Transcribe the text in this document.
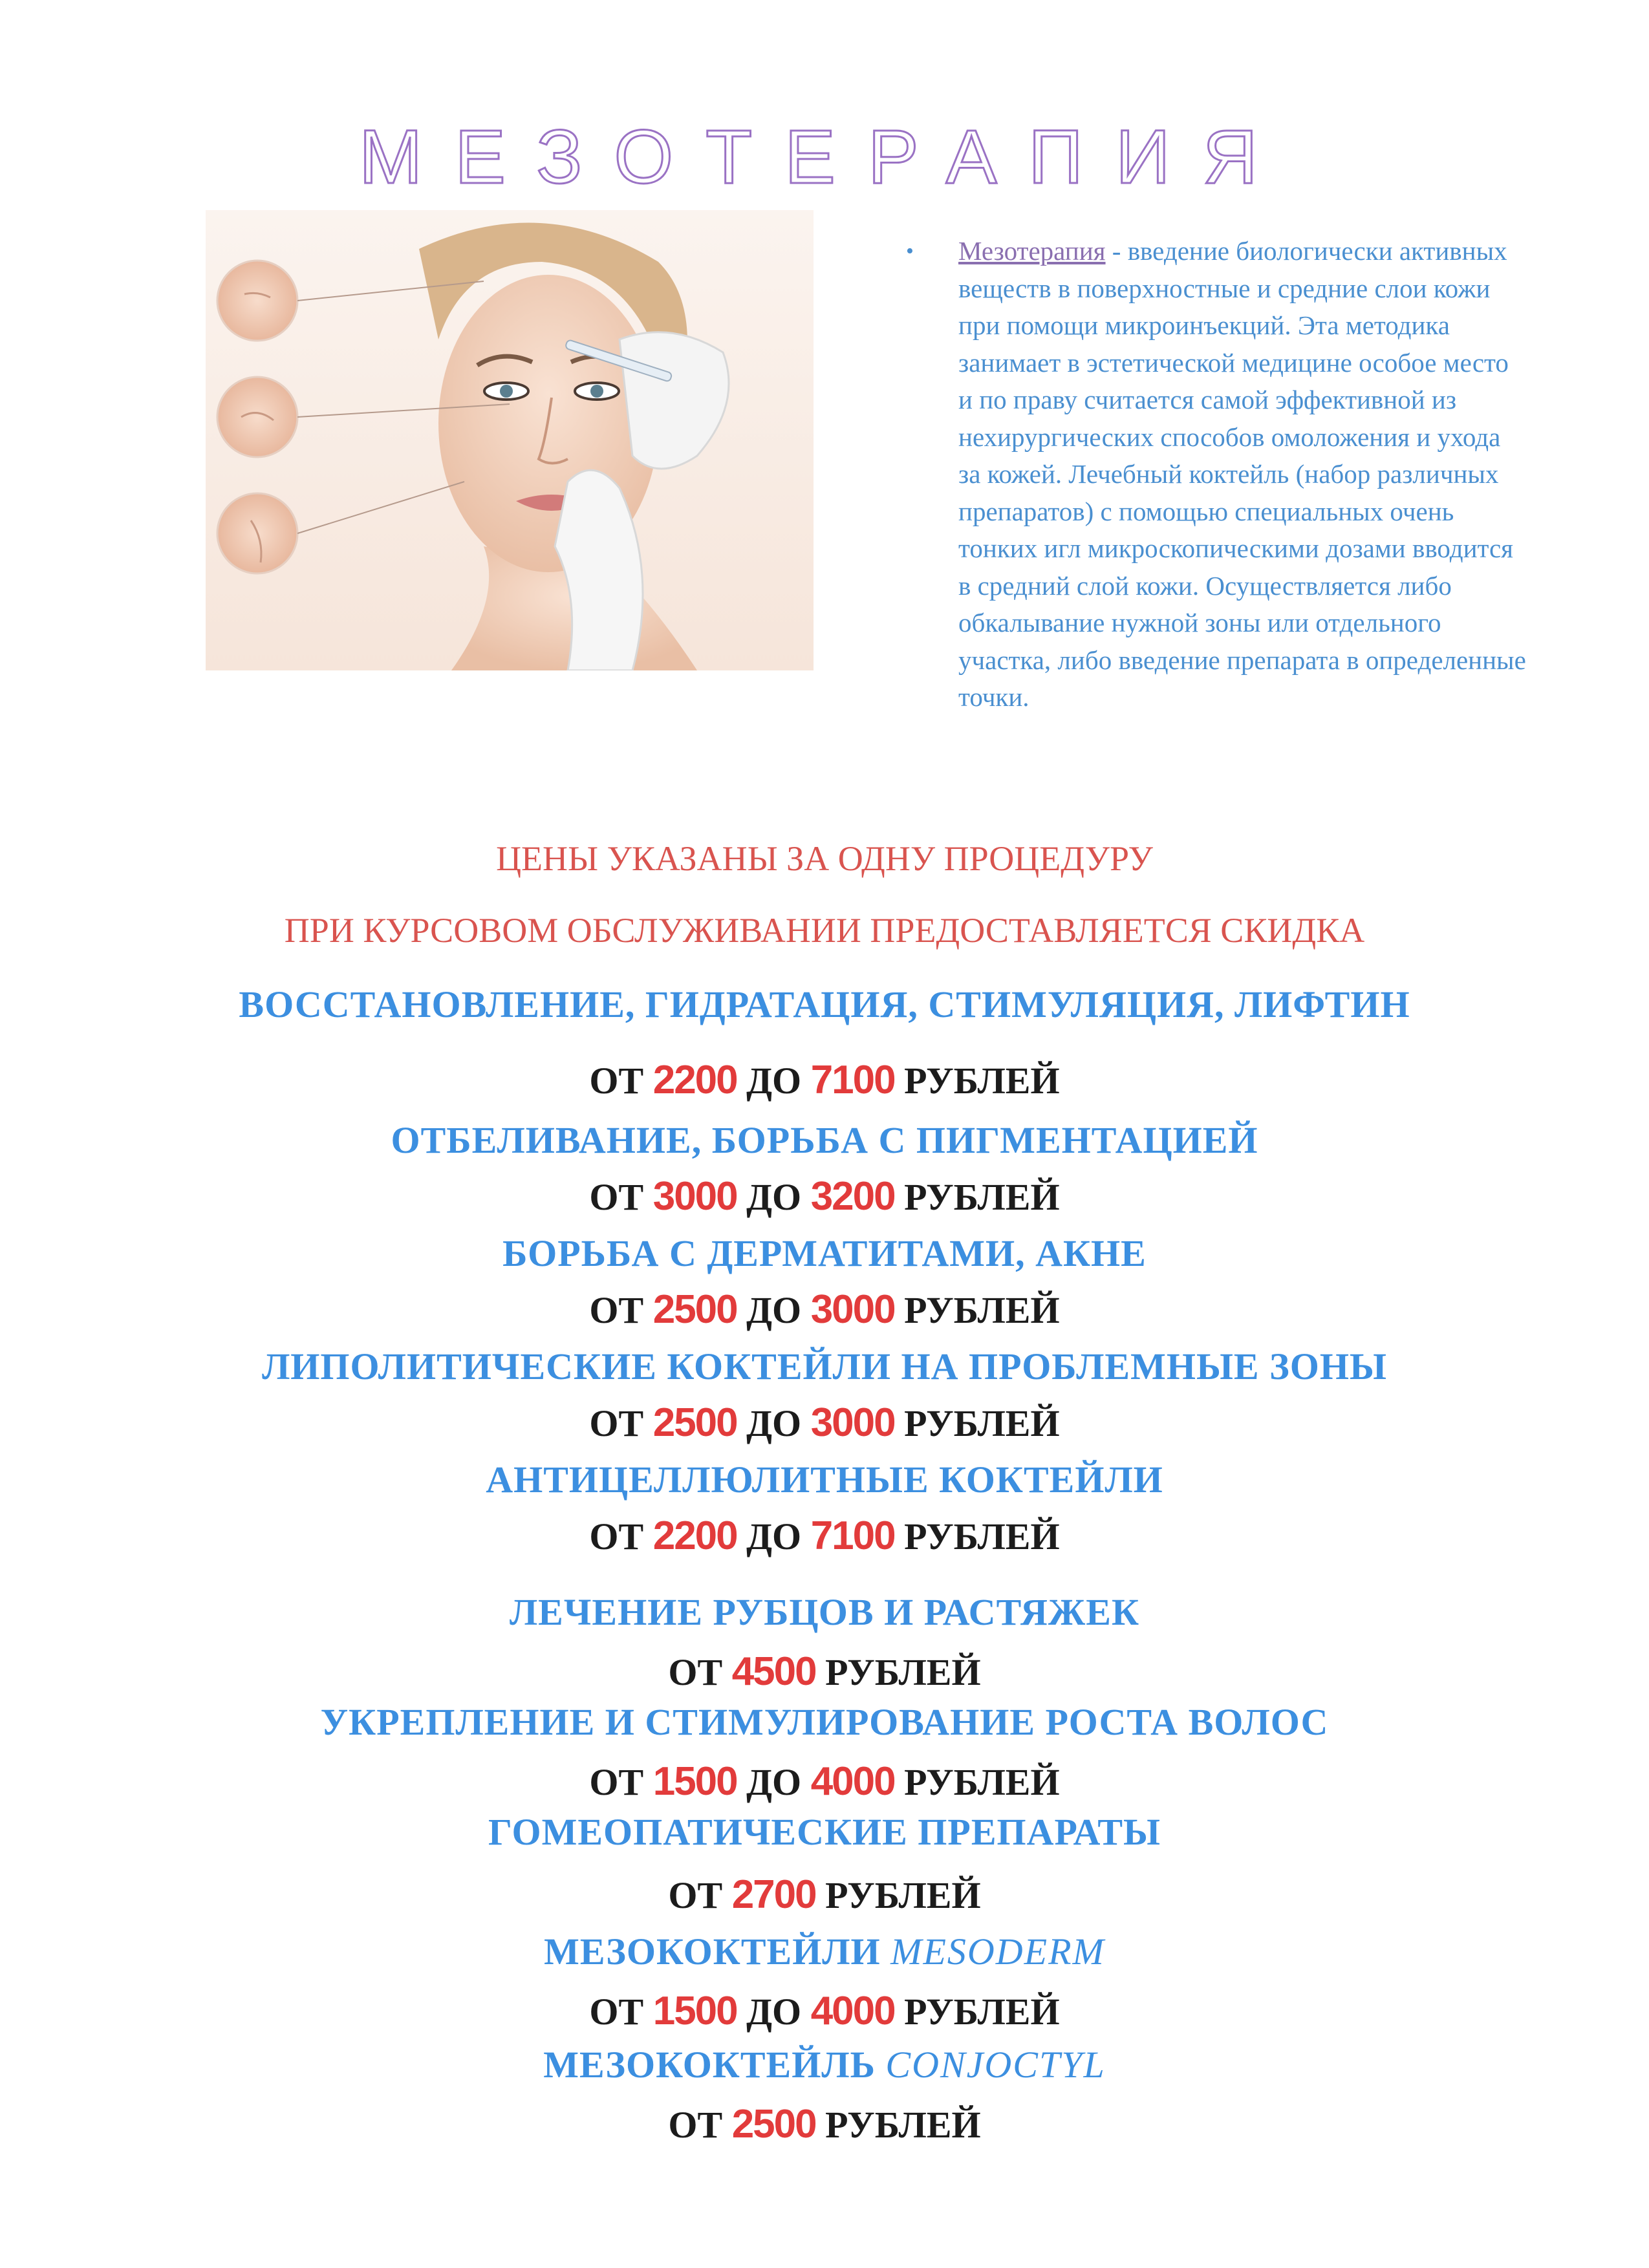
МЕЗОТЕРАПИЯ
• Мезотерапия - введение биологически активных веществ в поверхностные и средние слои кожи при помощи микроинъекций. Эта методика занимает в эстетической медицине особое место и по праву считается самой эффективной из нехирургических способов омоложения и ухода за кожей. Лечебный коктейль (набор различных препаратов) с помощью специальных очень тонких игл микроскопическими дозами вводится в средний слой кожи. Осуществляется либо обкалывание нужной зоны или отдельного участка, либо введение препарата в определенные точки.
ЦЕНЫ УКАЗАНЫ ЗА ОДНУ ПРОЦЕДУРУ
ПРИ КУРСОВОМ ОБСЛУЖИВАНИИ ПРЕДОСТАВЛЯЕТСЯ СКИДКА
ВОССТАНОВЛЕНИЕ, ГИДРАТАЦИЯ, СТИМУЛЯЦИЯ, ЛИФТИН
ОТ 2200 ДО 7100 РУБЛЕЙ
ОТБЕЛИВАНИЕ, БОРЬБА С ПИГМЕНТАЦИЕЙ
ОТ 3000 ДО 3200 РУБЛЕЙ
БОРЬБА С ДЕРМАТИТАМИ, АКНЕ
ОТ 2500 ДО 3000 РУБЛЕЙ
ЛИПОЛИТИЧЕСКИЕ КОКТЕЙЛИ НА ПРОБЛЕМНЫЕ ЗОНЫ
ОТ 2500 ДО 3000 РУБЛЕЙ
АНТИЦЕЛЛЮЛИТНЫЕ КОКТЕЙЛИ
ОТ 2200 ДО 7100 РУБЛЕЙ
ЛЕЧЕНИЕ РУБЦОВ И РАСТЯЖЕК
ОТ 4500 РУБЛЕЙ
УКРЕПЛЕНИЕ И СТИМУЛИРОВАНИЕ РОСТА ВОЛОС
ОТ 1500 ДО 4000 РУБЛЕЙ
ГОМЕОПАТИЧЕСКИЕ ПРЕПАРАТЫ
ОТ 2700 РУБЛЕЙ
МЕЗОКОКТЕЙЛИ MESODERM
ОТ 1500 ДО 4000 РУБЛЕЙ
МЕЗОКОКТЕЙЛЬ CONJOCTYL
ОТ 2500 РУБЛЕЙ
